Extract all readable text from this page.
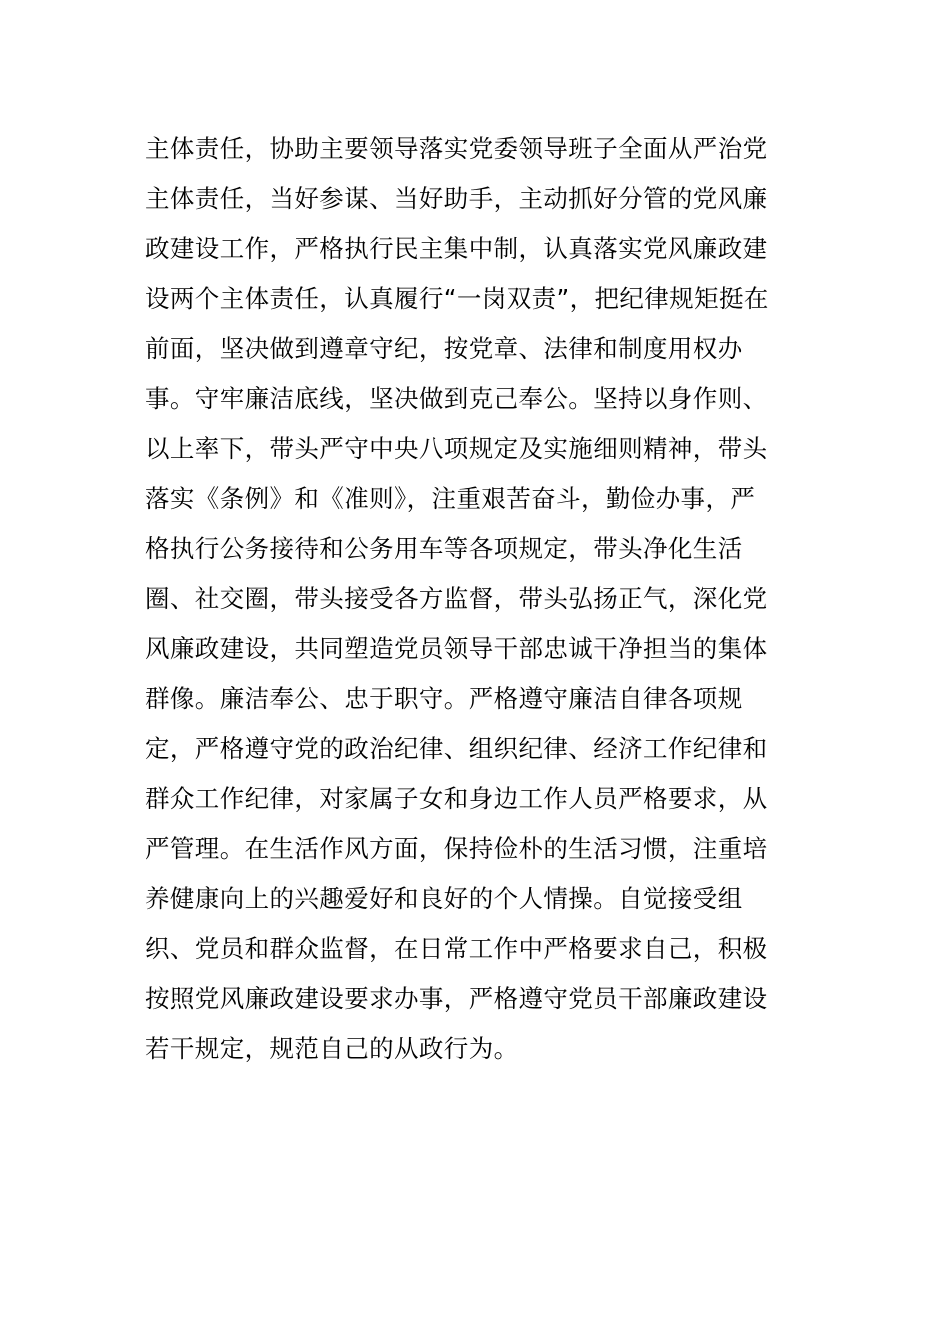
主体责任，协助主要领导落实党委领导班子全面从严治党
主体责任，当好参谋、当好助手，主动抓好分管的党风廉
政建设工作，严格执行民主集中制，认真落实党风廉政建
设两个主体责任，认真履行“一岗双责”，把纪律规矩挺在
前面，坚决做到遵章守纪，按党章、法律和制度用权办
事。守牢廉洁底线，坚决做到克己奉公。坚持以身作则、
以上率下，带头严守中央八项规定及实施细则精神，带头
落实《条例》和《准则》，注重艰苦奋斗，勤俭办事，严
格执行公务接待和公务用车等各项规定，带头净化生活
圈、社交圈，带头接受各方监督，带头弘扬正气，深化党
风廉政建设，共同塑造党员领导干部忠诚干净担当的集体
群像。廉洁奉公、忠于职守。严格遵守廉洁自律各项规
定，严格遵守党的政治纪律、组织纪律、经济工作纪律和
群众工作纪律，对家属子女和身边工作人员严格要求，从
严管理。在生活作风方面，保持俭朴的生活习惯，注重培
养健康向上的兴趣爱好和良好的个人情操。自觉接受组
织、党员和群众监督，在日常工作中严格要求自己，积极
按照党风廉政建设要求办事，严格遵守党员干部廉政建设
若干规定，规范自己的从政行为。
